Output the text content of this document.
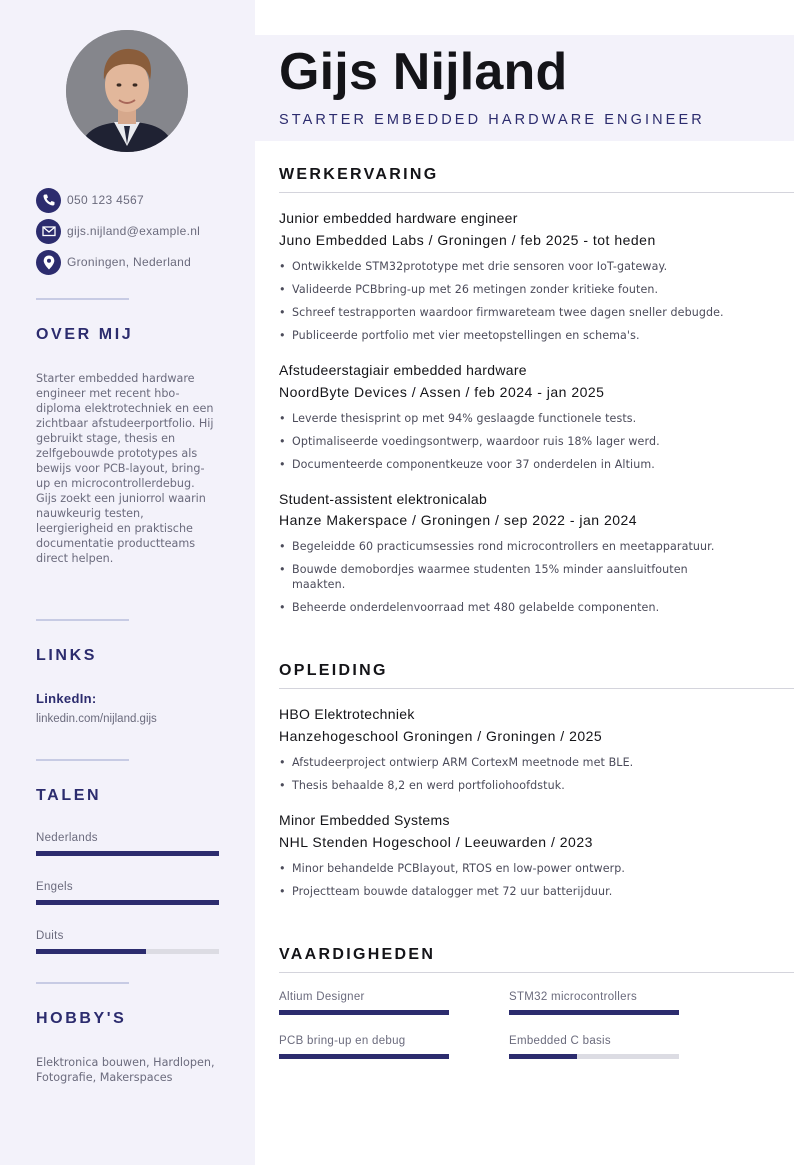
050 123 4567
gijs.nijland@example.nl
Groningen, Nederland
OVER MIJ
Starter embedded hardware engineer met recent hbo-diploma elektrotechniek en een zichtbaar afstudeerportfolio. Hij gebruikt stage, thesis en zelfgebouwde prototypes als bewijs voor PCB-layout, bring-up en microcontrollerdebug. Gijs zoekt een juniorrol waarin nauwkeurig testen, leergierigheid en praktische documentatie productteams direct helpen.
LINKS
LinkedIn:
linkedin.com/nijland.gijs
TALEN
Nederlands
Engels
Duits
HOBBY'S
Elektronica bouwen, Hardlopen, Fotografie, Makerspaces
Gijs Nijland
STARTER EMBEDDED HARDWARE ENGINEER
WERKERVARING
Junior embedded hardware engineer
Juno Embedded Labs / Groningen / feb 2025 - tot heden
• Ontwikkelde STM32prototype met drie sensoren voor IoT-gateway.
• Valideerde PCBbring-up met 26 metingen zonder kritieke fouten.
• Schreef testrapporten waardoor firmwareteam twee dagen sneller debugde.
• Publiceerde portfolio met vier meetopstellingen en schema's.
Afstudeerstagiair embedded hardware
NoordByte Devices / Assen / feb 2024 - jan 2025
• Leverde thesisprint op met 94% geslaagde functionele tests.
• Optimaliseerde voedingsontwerp, waardoor ruis 18% lager werd.
• Documenteerde componentkeuze voor 37 onderdelen in Altium.
Student-assistent elektronicalab
Hanze Makerspace / Groningen / sep 2022 - jan 2024
• Begeleidde 60 practicumsessies rond microcontrollers en meetapparatuur.
• Bouwde demobordjes waarmee studenten 15% minder aansluitfouten maakten.
• Beheerde onderdelenvoorraad met 480 gelabelde componenten.
OPLEIDING
HBO Elektrotechniek
Hanzehogeschool Groningen / Groningen / 2025
• Afstudeerproject ontwierp ARM CortexM meetnode met BLE.
• Thesis behaalde 8,2 en werd portfoliohoofdstuk.
Minor Embedded Systems
NHL Stenden Hogeschool / Leeuwarden / 2023
• Minor behandelde PCBlayout, RTOS en low-power ontwerp.
• Projectteam bouwde datalogger met 72 uur batterijduur.
VAARDIGHEDEN
Altium Designer	STM32 microcontrollers
PCB bring-up en debug	Embedded C basis
